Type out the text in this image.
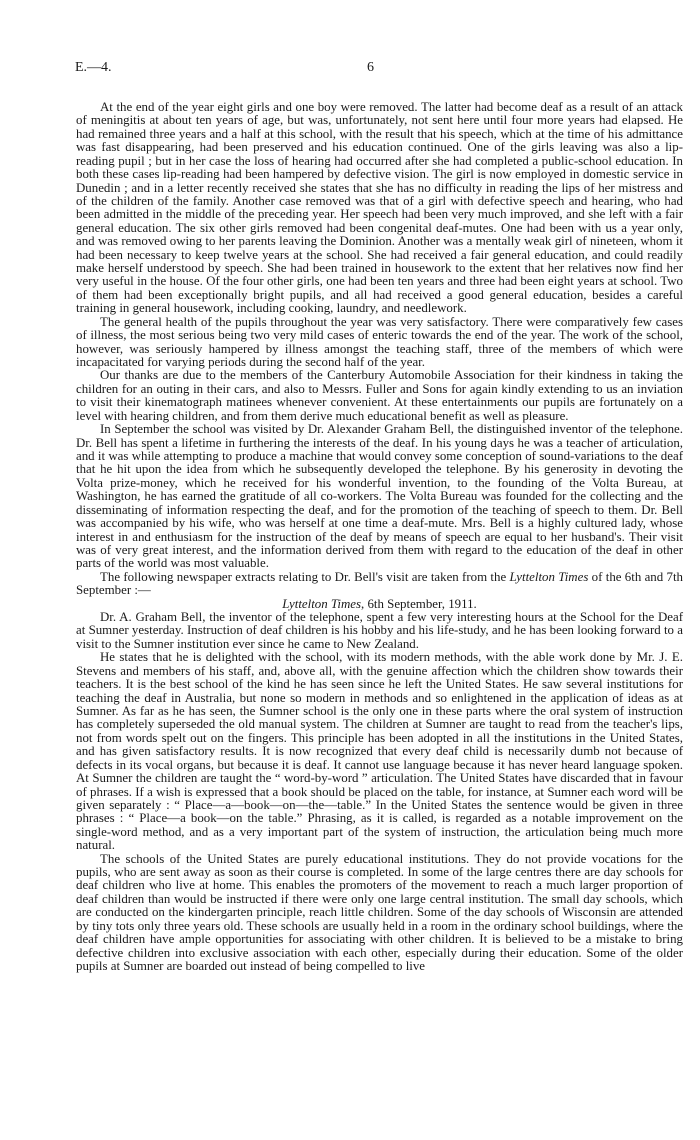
E.—4.	6

At the end of the year eight girls and one boy were removed. The latter had become deaf as a result of an attack of meningitis at about ten years of age, but was, unfortunately, not sent here until four more years had elapsed. He had remained three years and a half at this school, with the result that his speech, which at the time of his admittance was fast disappearing, had been preserved and his education continued. One of the girls leaving was also a lip-reading pupil ; but in her case the loss of hearing had occurred after she had completed a public-school education. In both these cases lip-reading had been hampered by defective vision. The girl is now employed in domestic service in Dunedin ; and in a letter recently received she states that she has no difficulty in reading the lips of her mistress and of the children of the family. Another case removed was that of a girl with defective speech and hearing, who had been admitted in the middle of the preceding year. Her speech had been very much improved, and she left with a fair general education. The six other girls removed had been congenital deaf-mutes. One had been with us a year only, and was removed owing to her parents leaving the Dominion. Another was a mentally weak girl of nineteen, whom it had been necessary to keep twelve years at the school. She had received a fair general education, and could readily make herself understood by speech. She had been trained in housework to the extent that her relatives now find her very useful in the house. Of the four other girls, one had been ten years and three had been eight years at school. Two of them had been exceptionally bright pupils, and all had received a good general education, besides a careful training in general housework, including cooking, laundry, and needlework.

The general health of the pupils throughout the year was very satisfactory. There were comparatively few cases of illness, the most serious being two very mild cases of enteric towards the end of the year. The work of the school, however, was seriously hampered by illness amongst the teaching staff, three of the members of which were incapacitated for varying periods during the second half of the year.

Our thanks are due to the members of the Canterbury Automobile Association for their kindness in taking the children for an outing in their cars, and also to Messrs. Fuller and Sons for again kindly extending to us an inviation to visit their kinematograph matinees whenever convenient. At these entertainments our pupils are fortunately on a level with hearing children, and from them derive much educational benefit as well as pleasure.

In September the school was visited by Dr. Alexander Graham Bell, the distinguished inventor of the telephone. Dr. Bell has spent a lifetime in furthering the interests of the deaf. In his young days he was a teacher of articulation, and it was while attempting to produce a machine that would convey some conception of sound-variations to the deaf that he hit upon the idea from which he subsequently developed the telephone. By his generosity in devoting the Volta prize-money, which he received for his wonderful invention, to the founding of the Volta Bureau, at Washington, he has earned the gratitude of all co-workers. The Volta Bureau was founded for the collecting and the disseminating of information respecting the deaf, and for the promotion of the teaching of speech to them. Dr. Bell was accompanied by his wife, who was herself at one time a deaf-mute. Mrs. Bell is a highly cultured lady, whose interest in and enthusiasm for the instruction of the deaf by means of speech are equal to her husband's. Their visit was of very great interest, and the information derived from them with regard to the education of the deaf in other parts of the world was most valuable.

The following newspaper extracts relating to Dr. Bell's visit are taken from the Lyttelton Times of the 6th and 7th September :—

Lyttelton Times, 6th September, 1911.

Dr. A. Graham Bell, the inventor of the telephone, spent a few very interesting hours at the School for the Deaf at Sumner yesterday. Instruction of deaf children is his hobby and his life-study, and he has been looking forward to a visit to the Sumner institution ever since he came to New Zealand.

He states that he is delighted with the school, with its modern methods, with the able work done by Mr. J. E. Stevens and members of his staff, and, above all, with the genuine affection which the children show towards their teachers. It is the best school of the kind he has seen since he left the United States. He saw several institutions for teaching the deaf in Australia, but none so modern in methods and so enlightened in the application of ideas as at Sumner. As far as he has seen, the Sumner school is the only one in these parts where the oral system of instruction has completely superseded the old manual system. The children at Sumner are taught to read from the teacher's lips, not from words spelt out on the fingers. This principle has been adopted in all the institutions in the United States, and has given satisfactory results. It is now recognized that every deaf child is necessarily dumb not because of defects in its vocal organs, but because it is deaf. It cannot use language because it has never heard language spoken. At Sumner the children are taught the “ word-by-word ” articulation. The United States have discarded that in favour of phrases. If a wish is expressed that a book should be placed on the table, for instance, at Sumner each word will be given separately : “ Place—a—book—on—the—table.” In the United States the sentence would be given in three phrases : “ Place—a book—on the table.” Phrasing, as it is called, is regarded as a notable improvement on the single-word method, and as a very important part of the system of instruction, the articulation being much more natural.

The schools of the United States are purely educational institutions. They do not provide vocations for the pupils, who are sent away as soon as their course is completed. In some of the large centres there are day schools for deaf children who live at home. This enables the promoters of the movement to reach a much larger proportion of deaf children than would be instructed if there were only one large central institution. The small day schools, which are conducted on the kindergarten principle, reach little children. Some of the day schools of Wisconsin are attended by tiny tots only three years old. These schools are usually held in a room in the ordinary school buildings, where the deaf children have ample opportunities for associating with other children. It is believed to be a mistake to bring defective children into exclusive association with each other, especially during their education. Some of the older pupils at Sumner are boarded out instead of being compelled to live
